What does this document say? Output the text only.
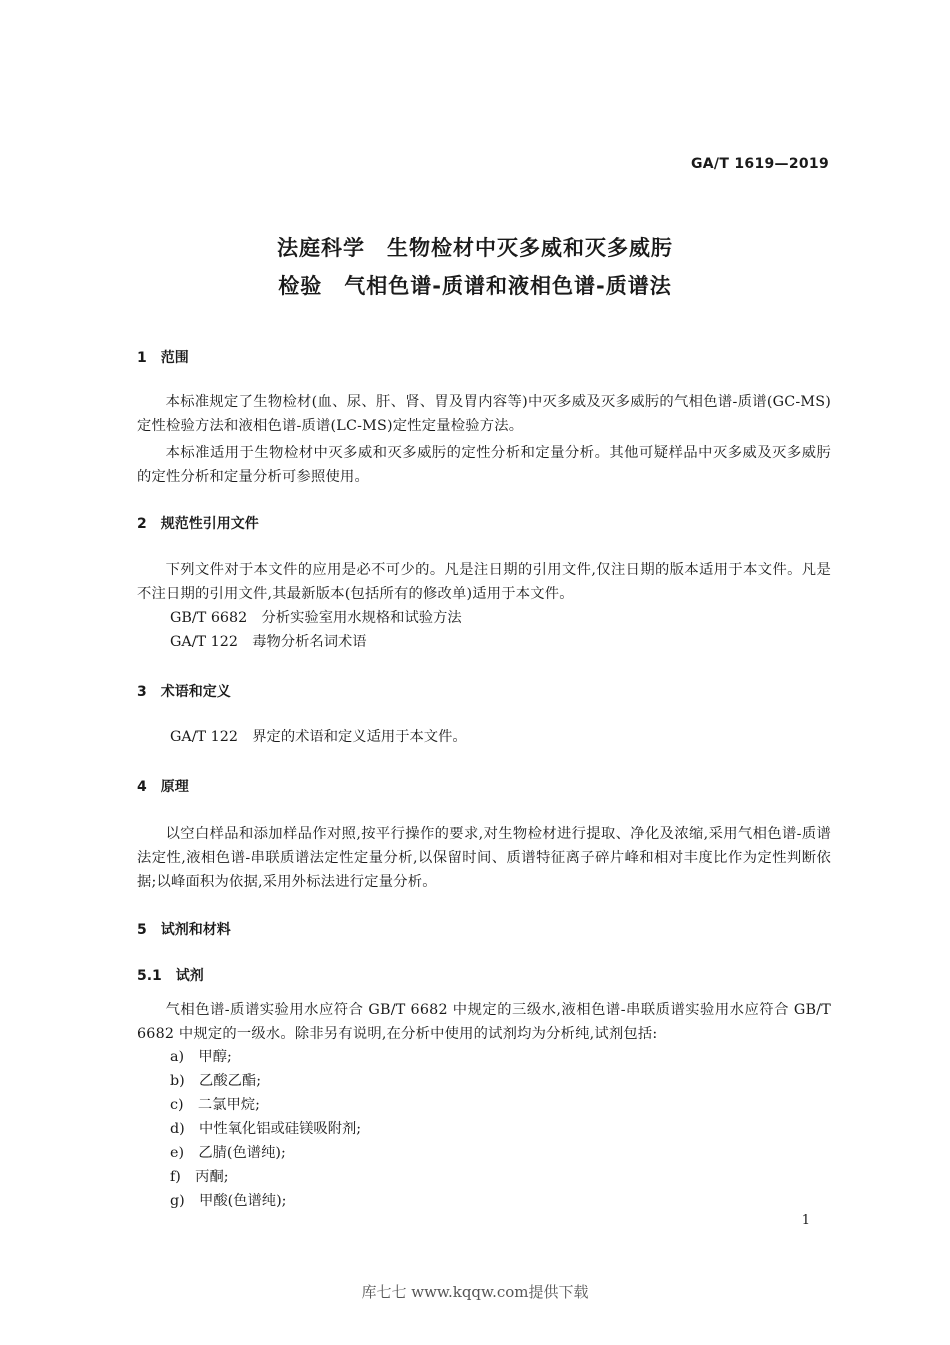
GA/T 1619—2019
法庭科学　生物检材中灭多威和灭多威肟
检验　气相色谱-质谱和液相色谱-质谱法
1　范围
本标准规定了生物检材(血、尿、肝、肾、胃及胃内容等)中灭多威及灭多威肟的气相色谱-质谱(GC-MS)定性检验方法和液相色谱-质谱(LC-MS)定性定量检验方法。
本标准适用于生物检材中灭多威和灭多威肟的定性分析和定量分析。其他可疑样品中灭多威及灭多威肟的定性分析和定量分析可参照使用。
2　规范性引用文件
下列文件对于本文件的应用是必不可少的。凡是注日期的引用文件,仅注日期的版本适用于本文件。凡是不注日期的引用文件,其最新版本(包括所有的修改单)适用于本文件。
GB/T 6682　分析实验室用水规格和试验方法
GA/T 122　毒物分析名词术语
3　术语和定义
GA/T 122　界定的术语和定义适用于本文件。
4　原理
以空白样品和添加样品作对照,按平行操作的要求,对生物检材进行提取、净化及浓缩,采用气相色谱-质谱法定性,液相色谱-串联质谱法定性定量分析,以保留时间、质谱特征离子碎片峰和相对丰度比作为定性判断依据;以峰面积为依据,采用外标法进行定量分析。
5　试剂和材料
5.1　试剂
气相色谱-质谱实验用水应符合 GB/T 6682 中规定的三级水,液相色谱-串联质谱实验用水应符合 GB/T 6682 中规定的一级水。除非另有说明,在分析中使用的试剂均为分析纯,试剂包括:
a)　甲醇;
b)　乙酸乙酯;
c)　二氯甲烷;
d)　中性氧化铝或硅镁吸附剂;
e)　乙腈(色谱纯);
f)　丙酮;
g)　甲酸(色谱纯);
1
库七七 www.kqqw.com提供下载
